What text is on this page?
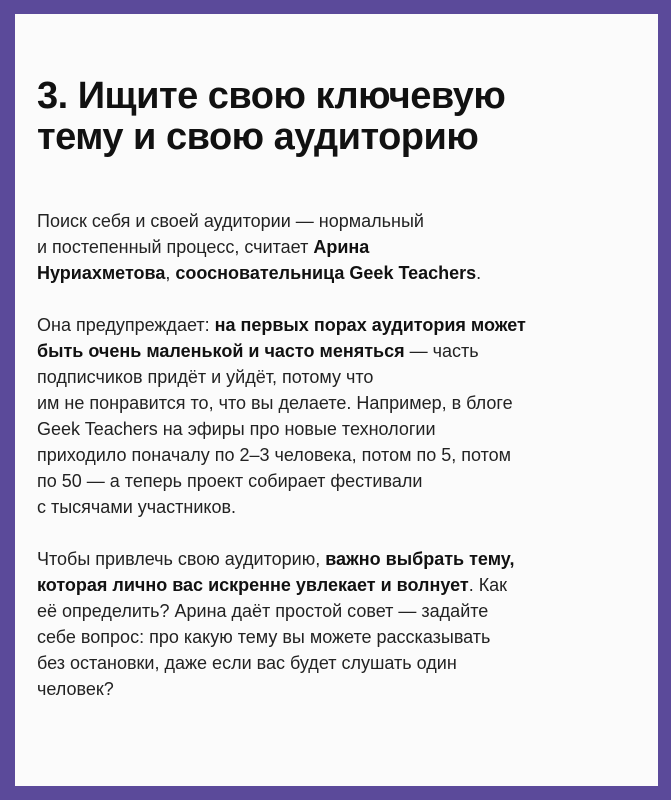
3. Ищите свою ключевую
тему и свою аудиторию

Поиск себя и своей аудитории — нормальный
и постепенный процесс, считает Арина
Нуриахметова, соосновательница Geek Teachers.

Она предупреждает: на первых порах аудитория может
быть очень маленькой и часто меняться — часть
подписчиков придёт и уйдёт, потому что
им не понравится то, что вы делаете. Например, в блоге
Geek Teachers на эфиры про новые технологии
приходило поначалу по 2–3 человека, потом по 5, потом
по 50 — а теперь проект собирает фестивали
с тысячами участников.

Чтобы привлечь свою аудиторию, важно выбрать тему,
которая лично вас искренне увлекает и волнует. Как
её определить? Арина даёт простой совет — задайте
себе вопрос: про какую тему вы можете рассказывать
без остановки, даже если вас будет слушать один
человек?
